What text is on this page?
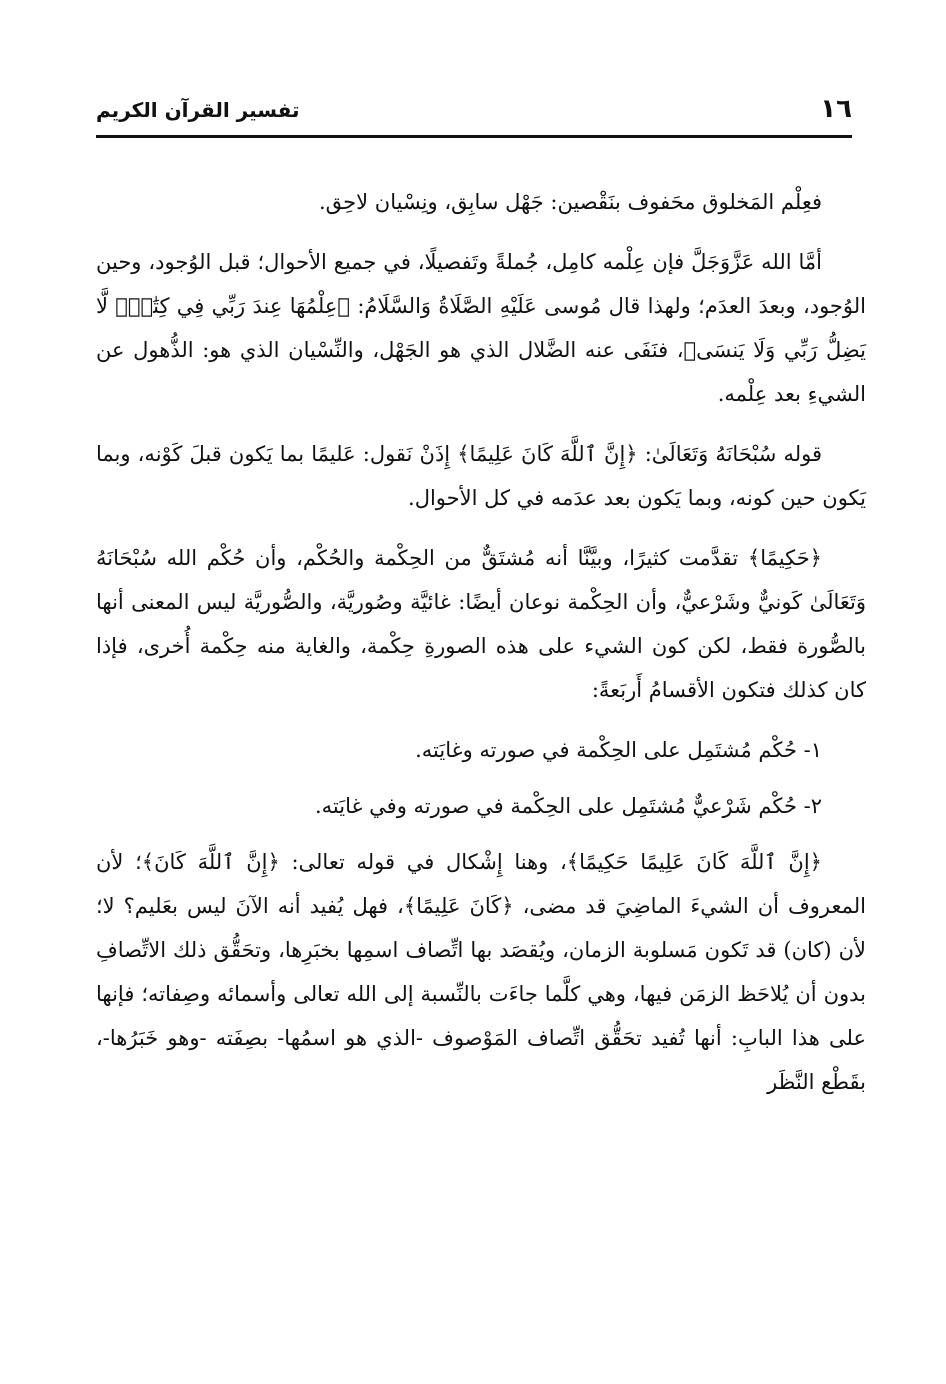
١٦
تفسير القرآن الكريم

فعِلْم المَخلوق محَفوف بنَقْصين: جَهْل سابِق، ونِسْيان لاحِق.

أمَّا الله عَزَّوَجَلَّ فإن عِلْمه كامِل، جُملةً وتَفصيلًا، في جميع الأحوال؛ قبل الوُجود، وحين الوُجود، وبعدَ العدَم؛ ولهذا قال مُوسى عَلَيْهِ الصَّلَاةُ وَالسَّلَامُ: ﴿عِلْمُهَا عِندَ رَبِّي فِي كِتَٰبٍۖ لَّا يَضِلُّ رَبِّي وَلَا يَنسَى﴾، فنَفَى عنه الضَّلال الذي هو الجَهْل، والنِّسْيان الذي هو: الذُّهول عن الشيءِ بعد عِلْمه.

قوله سُبْحَانَهُ وَتَعَالَىٰ: ﴿إِنَّ ٱللَّهَ كَانَ عَلِيمًا﴾ إِذَنْ نَقول: عَليمًا بما يَكون قبلَ كَوْنه، وبما يَكون حين كونه، وبما يَكون بعد عدَمه في كل الأحوال.

﴿حَكِيمًا﴾ تقدَّمت كثيرًا، وبيَّنَّا أنه مُشتَقٌّ من الحِكْمة والحُكْم، وأن حُكْم الله سُبْحَانَهُ وَتَعَالَىٰ كَونيٌّ وشَرْعيٌّ، وأن الحِكْمة نوعان أيضًا: غائيَّة وصُوريَّة، والصُّوريَّة ليس المعنى أنها بالصُّورة فقط، لكن كون الشيء على هذه الصورةِ حِكْمة، والغاية منه حِكْمة أُخرى، فإذا كان كذلك فتكون الأقسامُ أَربَعةً:

١- حُكْم مُشتَمِل على الحِكْمة في صورته وغايَته.

٢- حُكْم شَرْعيٌّ مُشتَمِل على الحِكْمة في صورته وفي غايَته.

﴿إِنَّ ٱللَّهَ كَانَ عَلِيمًا حَكِيمًا﴾، وهنا إِشْكال في قوله تعالى: ﴿إِنَّ ٱللَّهَ كَانَ﴾؛ لأن المعروف أن الشيءَ الماضِيَ قد مضى، ﴿كَانَ عَلِيمًا﴾، فهل يُفيد أنه الآنَ ليس بعَليم؟ لا؛ لأن (كان) قد تَكون مَسلوبة الزمان، ويُقصَد بها اتِّصاف اسمِها بخبَرِها، وتحَقُّق ذلك الاتِّصافِ بدون أن يُلاحَظ الزمَن فيها، وهي كلَّما جاءَت بالنِّسبة إلى الله تعالى وأسمائه وصِفاته؛ فإنها على هذا البابِ: أنها تُفيد تحَقُّق اتِّصاف المَوْصوف -الذي هو اسمُها- بصِفَته -وهو خَبَرُها-، بقَطْع النَّظَر
